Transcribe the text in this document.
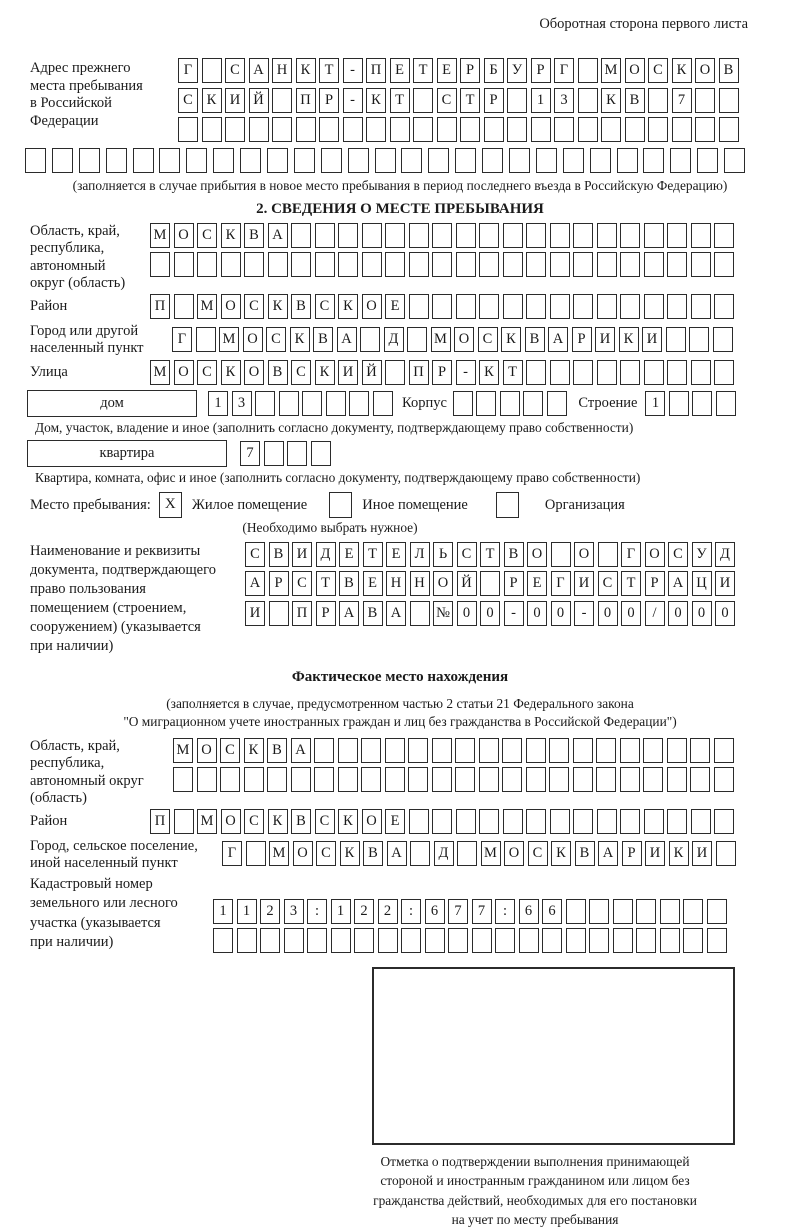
Оборотная сторона первого листа
Адрес прежнего
места пребывания
в Российской
Федерации
Г	С А Н К Т	-	П Е	Т	Е	Р	Б У Р	Г	М О С К О В
С К И Й	П Р	-	К Т	С Т	Р	1	3	К В	7
(заполняется в случае прибытия в новое место пребывания в период последнего въезда в Российскую Федерацию)
2. СВЕДЕНИЯ О МЕСТЕ ПРЕБЫВАНИЯ
Область, край,
республика,
автономный
округ (область)
М О С К В А
Район	П	М О С К В С К О Е
Город или другой
населенный пункт
Г	М О С К В А	Д	М О С К В А Р И К И
Улица	М О С К О В С К И Й	П Р	-	К Т
дом	1	3	Корпус	Строение 1
Дом, участок, владение и иное (заполнить согласно документу, подтверждающему право собственности)
квартира	7
Квартира, комната, офис и иное (заполнить согласно документу, подтверждающему право собственности)
Место пребывания: X	Жилое помещение	Иное помещение	Организация
(Необходимо выбрать нужное)
Наименование и реквизиты
документа, подтверждающего
право пользования
помещением (строением,
сооружением) (указывается
при наличии)
С В И Д Е	Т	Е Л Ь	С Т В О	О	Г О С У Д
А Р	С Т В Е Н Н О Й	Р	Е	Г И С Т	Р А Ц И
И	П Р А В А	№ 0	0	-	0	0	-	0	0	/	0	0	0
Фактическое место нахождения
(заполняется в случае, предусмотренном частью 2 статьи 21 Федерального закона
"О миграционном учете иностранных граждан и лиц без гражданства в Российской Федерации")
Область, край,
республика,
автономный округ
(область)
М О С К В А
Район	П	М О С К В С К О Е
Город, сельское поселение,
иной населенный пункт
Г	М О С К В А	Д	М О С К В А Р И К И
Кадастровый номер
земельного или лесного
участка (указывается
при наличии)
1	1	2	3	:	1	2	2	:	6	7	7	:	6	6
Отметка о подтверждении выполнения принимающей
стороной и иностранным гражданином или лицом без
гражданства действий, необходимых для его постановки
на учет по месту пребывания
